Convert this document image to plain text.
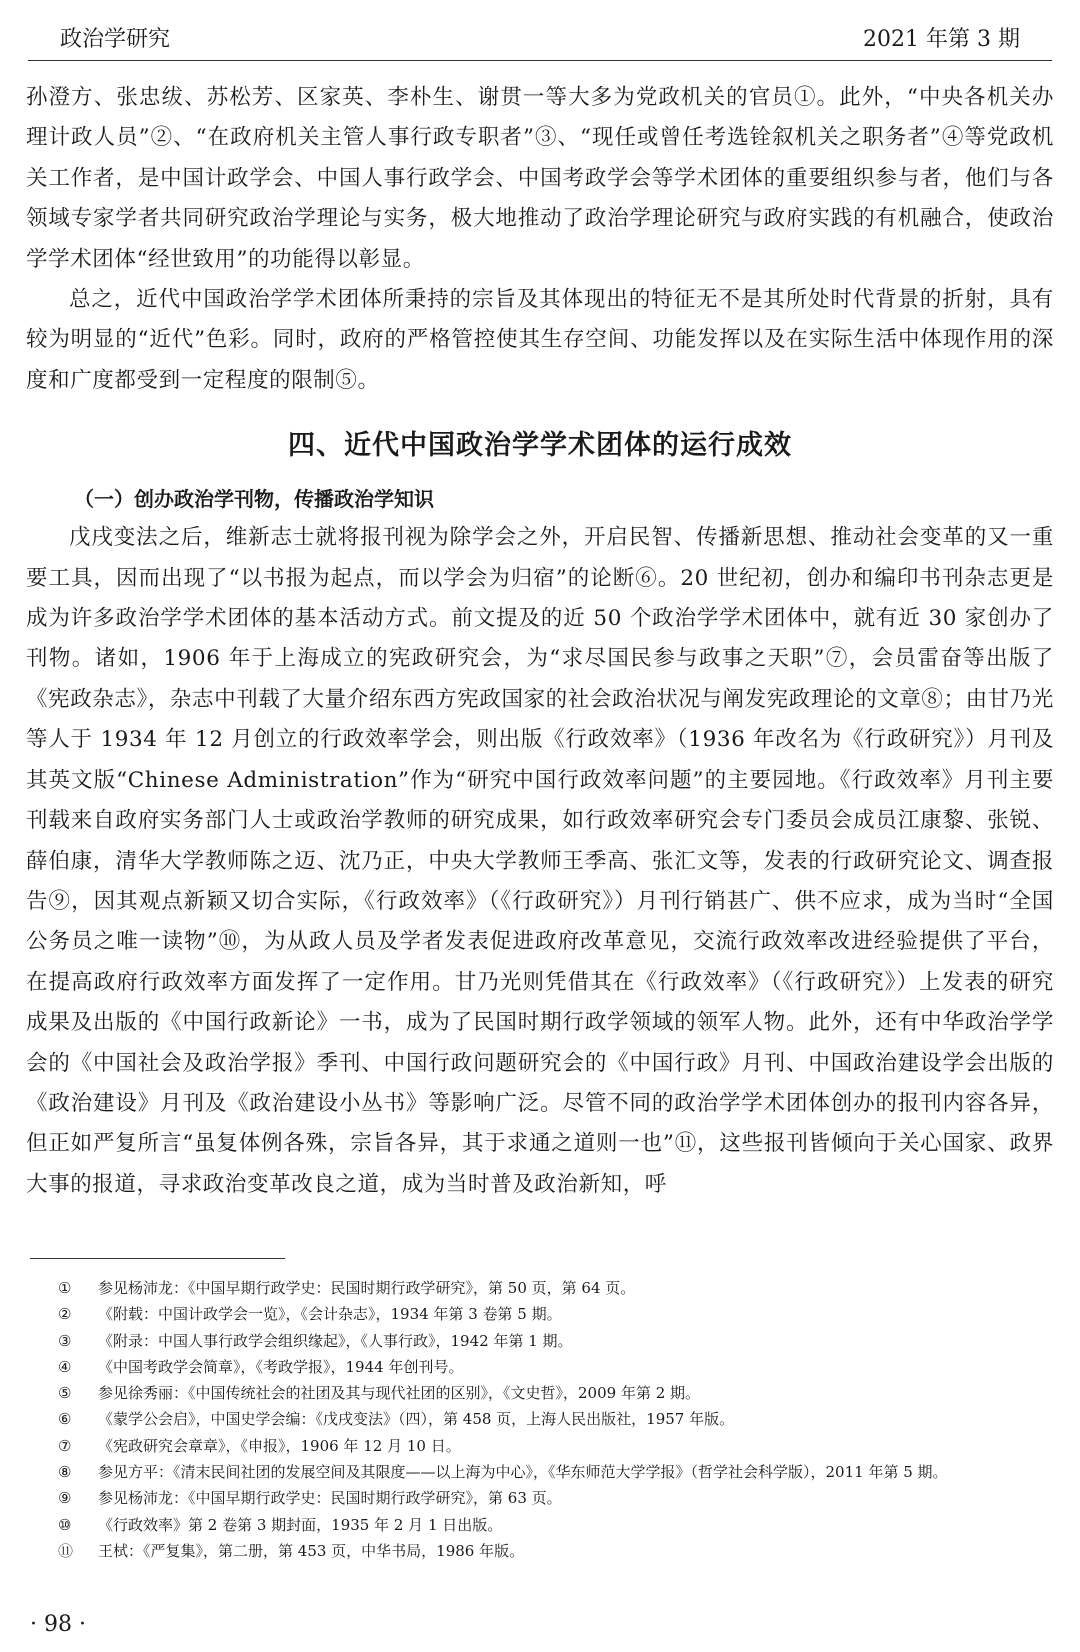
政治学研究	2021 年第 3 期

孙澄方、张忠绂、苏松芳、区家英、李朴生、谢贯一等大多为党政机关的官员①。此外，“中央各机关办理计政人员”②、“在政府机关主管人事行政专职者”③、“现任或曾任考选铨叙机关之职务者”④等党政机关工作者，是中国计政学会、中国人事行政学会、中国考政学会等学术团体的重要组织参与者，他们与各领域专家学者共同研究政治学理论与实务，极大地推动了政治学理论研究与政府实践的有机融合，使政治学学术团体“经世致用”的功能得以彰显。

总之，近代中国政治学学术团体所秉持的宗旨及其体现出的特征无不是其所处时代背景的折射，具有较为明显的“近代”色彩。同时，政府的严格管控使其生存空间、功能发挥以及在实际生活中体现作用的深度和广度都受到一定程度的限制⑤。

四、近代中国政治学学术团体的运行成效
（一）创办政治学刊物，传播政治学知识

戊戌变法之后，维新志士就将报刊视为除学会之外，开启民智、传播新思想、推动社会变革的又一重要工具，因而出现了“以书报为起点，而以学会为归宿”的论断⑥。20 世纪初，创办和编印书刊杂志更是成为许多政治学学术团体的基本活动方式。前文提及的近 50 个政治学学术团体中，就有近 30 家创办了刊物。诸如，1906 年于上海成立的宪政研究会，为“求尽国民参与政事之天职”⑦，会员雷奋等出版了《宪政杂志》，杂志中刊载了大量介绍东西方宪政国家的社会政治状况与阐发宪政理论的文章⑧；由甘乃光等人于 1934 年 12 月创立的行政效率学会，则出版《行政效率》（1936 年改名为《行政研究》）月刊及其英文版“Chinese Administration”作为“研究中国行政效率问题”的主要园地。《行政效率》月刊主要刊载来自政府实务部门人士或政治学教师的研究成果，如行政效率研究会专门委员会成员江康黎、张锐、薛伯康，清华大学教师陈之迈、沈乃正，中央大学教师王季高、张汇文等，发表的行政研究论文、调查报告⑨，因其观点新颖又切合实际，《行政效率》（《行政研究》）月刊行销甚广、供不应求，成为当时“全国公务员之唯一读物”⑩，为从政人员及学者发表促进政府改革意见，交流行政效率改进经验提供了平台，在提高政府行政效率方面发挥了一定作用。甘乃光则凭借其在《行政效率》（《行政研究》）上发表的研究成果及出版的《中国行政新论》一书，成为了民国时期行政学领域的领军人物。此外，还有中华政治学学会的《中国社会及政治学报》季刊、中国行政问题研究会的《中国行政》月刊、中国政治建设学会出版的《政治建设》月刊及《政治建设小丛书》等影响广泛。尽管不同的政治学学术团体创办的报刊内容各异，但正如严复所言“虽复体例各殊，宗旨各异，其于求通之道则一也”⑪，这些报刊皆倾向于关心国家、政界大事的报道，寻求政治变革改良之道，成为当时普及政治新知，呼

①	参见杨沛龙：《中国早期行政学史：民国时期行政学研究》，第 50 页，第 64 页。
②	《附载：中国计政学会一览》，《会计杂志》，1934 年第 3 卷第 5 期。
③	《附录：中国人事行政学会组织缘起》，《人事行政》，1942 年第 1 期。
④	《中国考政学会简章》，《考政学报》，1944 年创刊号。
⑤	参见徐秀丽：《中国传统社会的社团及其与现代社团的区别》，《文史哲》，2009 年第 2 期。
⑥	《蒙学公会启》，中国史学会编：《戊戌变法》（四），第 458 页，上海人民出版社，1957 年版。
⑦	《宪政研究会章章》，《申报》，1906 年 12 月 10 日。
⑧	参见方平：《清末民间社团的发展空间及其限度——以上海为中心》，《华东师范大学学报》（哲学社会科学版），2011 年第 5 期。
⑨	参见杨沛龙：《中国早期行政学史：民国时期行政学研究》，第 63 页。
⑩	《行政效率》第 2 卷第 3 期封面，1935 年 2 月 1 日出版。
⑪	王栻：《严复集》，第二册，第 453 页，中华书局，1986 年版。
· 98 ·
